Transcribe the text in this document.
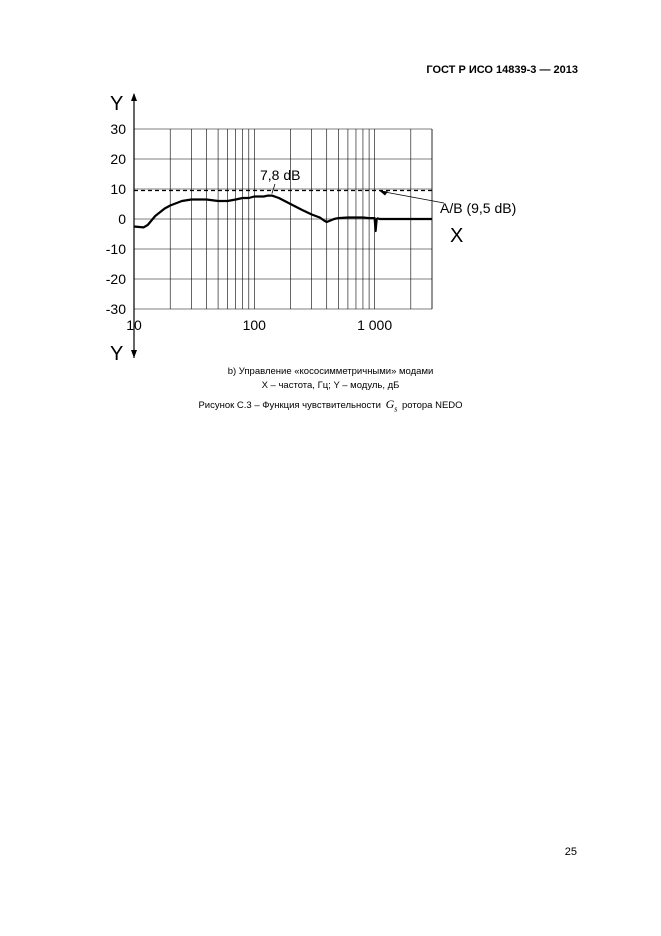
ГОСТ Р ИСО 14839-3 — 2013
30
20
10
0
-10
-20
-30
10	100	1 000
Y
Y
X
7,8 dB
A/B (9,5 dB)
b) Управление «кососимметричными» модами
X – частота, Гц; Y – модуль, дБ
Рисунок С.3 – Функция чувствительности $G_s$ ротора NEDO
25
